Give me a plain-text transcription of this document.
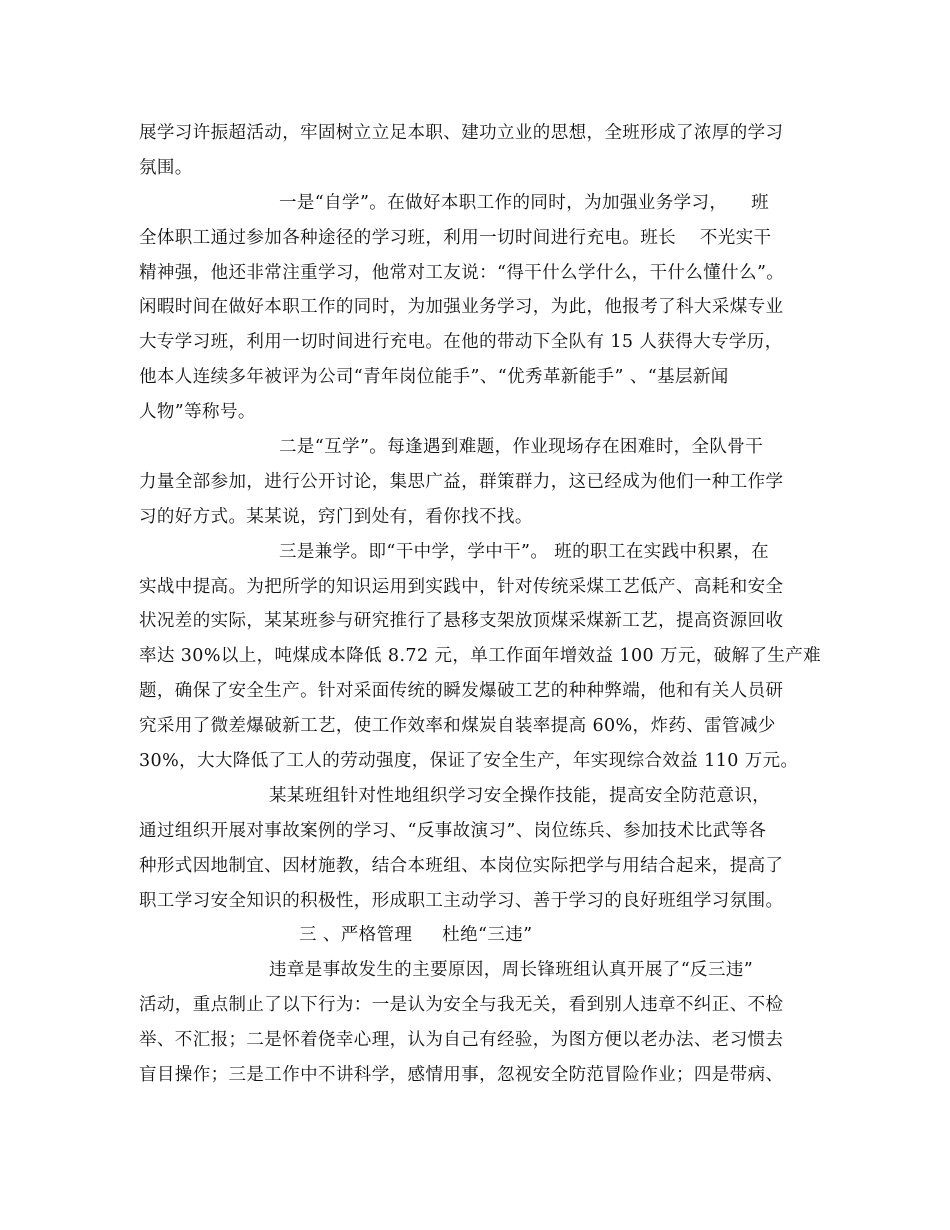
展学习许振超活动，牢固树立立足本职、建功立业的思想，全班形成了浓厚的学习
氛围。
一是“自学”。在做好本职工作的同时，为加强业务学习，    班
全体职工通过参加各种途径的学习班，利用一切时间进行充电。班长    不光实干
精神强，他还非常注重学习，他常对工友说：“得干什么学什么，干什么懂什么”。
闲暇时间在做好本职工作的同时，为加强业务学习，为此，他报考了科大采煤专业
大专学习班，利用一切时间进行充电。在他的带动下全队有 15 人获得大专学历，
他本人连续多年被评为公司“青年岗位能手”、“优秀革新能手” 、“基层新闻
人物”等称号。
二是“互学”。每逢遇到难题，作业现场存在困难时，全队骨干
力量全部参加，进行公开讨论，集思广益，群策群力，这已经成为他们一种工作学
习的好方式。某某说，窍门到处有，看你找不找。
三是兼学。即“干中学，学中干”。 班的职工在实践中积累，在
实战中提高。为把所学的知识运用到实践中，针对传统采煤工艺低产、高耗和安全
状况差的实际，某某班参与研究推行了悬移支架放顶煤采煤新工艺，提高资源回收
率达 30%以上，吨煤成本降低 8.72 元，单工作面年增效益 100 万元，破解了生产难
题，确保了安全生产。针对采面传统的瞬发爆破工艺的种种弊端，他和有关人员研
究采用了微差爆破新工艺，使工作效率和煤炭自装率提高 60%，炸药、雷管减少
30%，大大降低了工人的劳动强度，保证了安全生产，年实现综合效益 110 万元。
某某班组针对性地组织学习安全操作技能，提高安全防范意识，
通过组织开展对事故案例的学习、“反事故演习”、岗位练兵、参加技术比武等各
种形式因地制宜、因材施教，结合本班组、本岗位实际把学与用结合起来，提高了
职工学习安全知识的积极性，形成职工主动学习、善于学习的良好班组学习氛围。
三 、严格管理     杜绝“三违”
违章是事故发生的主要原因，周长锋班组认真开展了“反三违”
活动，重点制止了以下行为：一是认为安全与我无关，看到别人违章不纠正、不检
举、不汇报；二是怀着侥幸心理，认为自己有经验，为图方便以老办法、老习惯去
盲目操作；三是工作中不讲科学，感情用事，忽视安全防范冒险作业；四是带病、
